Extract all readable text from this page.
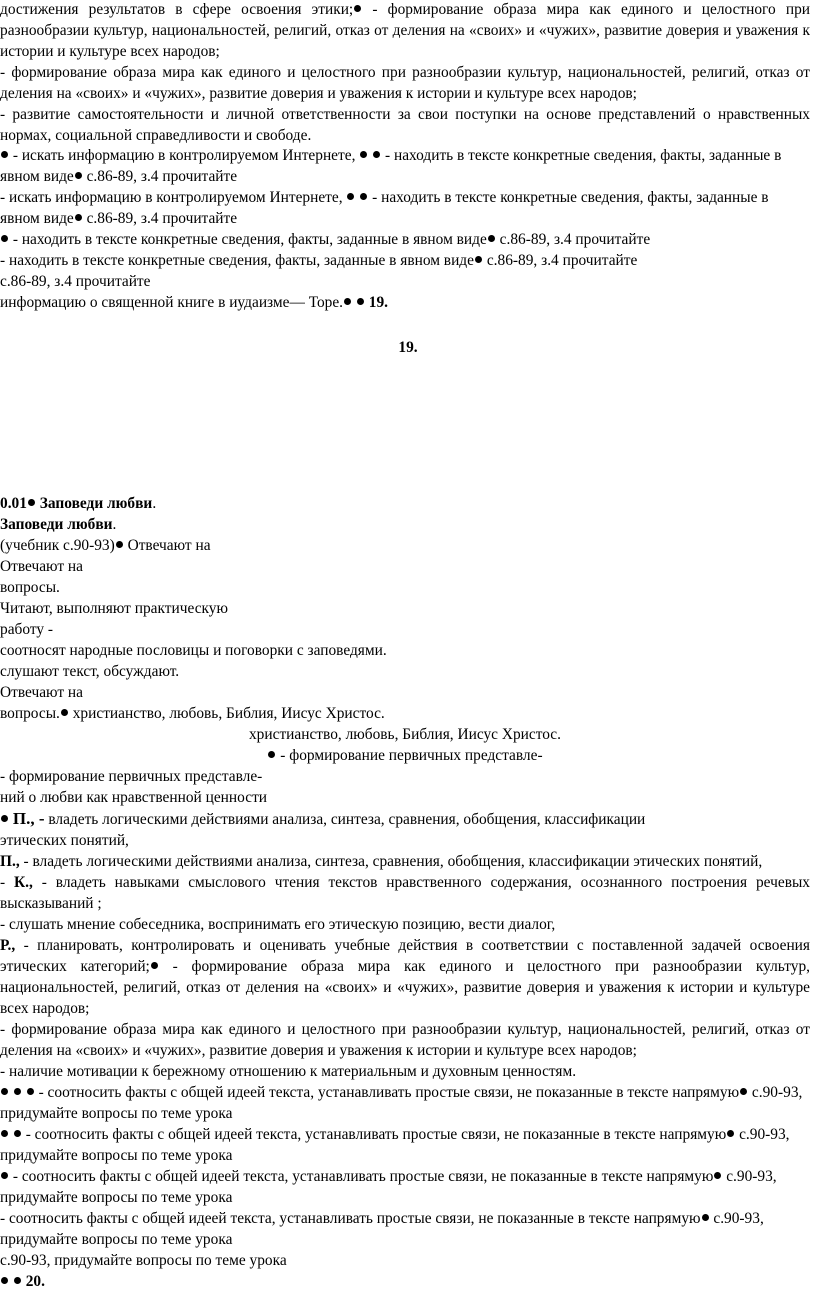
достижения результатов в сфере освоения этики; - формирование образа мира как единого и целостного при разнообразии культур, национальностей, религий, отказ от деления на «своих» и «чужих», развитие доверия и уважения к истории и культуре всех народов;

- формирование образа мира как единого и целостного при разнообразии культур, национальностей, религий, отказ от деления на «своих» и «чужих», развитие доверия и уважения к истории и культуре всех народов;

- развитие самостоятельности и личной ответственности за свои поступки на основе представлений о нравственных нормах, социальной справедливости и свободе.

- искать информацию в контролируемом Интернете,   - находить в тексте конкретные сведения, факты, заданные в явном виде с.86-89, з.4 прочитайте

- искать информацию в контролируемом Интернете,   - находить в тексте конкретные сведения, факты, заданные в явном виде с.86-89, з.4 прочитайте

- находить в тексте конкретные сведения, факты, заданные в явном виде с.86-89, з.4 прочитайте

- находить в тексте конкретные сведения, факты, заданные в явном виде с.86-89, з.4 прочитайте

с.86-89, з.4 прочитайте

информацию о священной книге в иудаизме— Торе. 19.

19.

0.01 Заповеди любви.

Заповеди любви.

(учебник с.90-93) Отвечают на

Отвечают на

вопросы.

Читают, выполняют практическую

работу -

соотносят народные пословицы и поговорки с заповедями.

слушают текст, обсуждают.

Отвечают на

вопросы. христианство, любовь, Библия, Иисус Христос.

христианство, любовь, Библия, Иисус Христос.

- формирование первичных представле-

- формирование первичных представле-

ний о любви как нравственной ценности

П., - владеть логическими действиями анализа, синтеза, сравнения, обобщения, классификации

этических понятий,

П., - владеть логическими действиями анализа, синтеза, сравнения, обобщения, классификации этических понятий,

- К., - владеть навыками смыслового чтения текстов нравственного содержания, осознанного построения речевых высказываний ;

- слушать мнение собеседника, воспринимать его этическую позицию, вести диалог,

Р., - планировать, контролировать и оценивать учебные действия в соответствии с поставленной задачей освоения этических категорий; - формирование образа мира как единого и целостного при разнообразии культур, национальностей, религий, отказ от деления на «своих» и «чужих», развитие доверия и уважения к истории и культуре всех народов;

- формирование образа мира как единого и целостного при разнообразии культур, национальностей, религий, отказ от деления на «своих» и «чужих», развитие доверия и уважения к истории и культуре всех народов;

- наличие мотивации к бережному отношению к материальным и духовным ценностям.

- соотносить факты с общей идеей текста, устанавливать простые связи, не показанные в тексте напрямую с.90-93, придумайте вопросы по теме урока

- соотносить факты с общей идеей текста, устанавливать простые связи, не показанные в тексте напрямую с.90-93, придумайте вопросы по теме урока

- соотносить факты с общей идеей текста, устанавливать простые связи, не показанные в тексте напрямую с.90-93, придумайте вопросы по теме урока

- соотносить факты с общей идеей текста, устанавливать простые связи, не показанные в тексте напрямую с.90-93, придумайте вопросы по теме урока

с.90-93, придумайте вопросы по теме урока

20.
